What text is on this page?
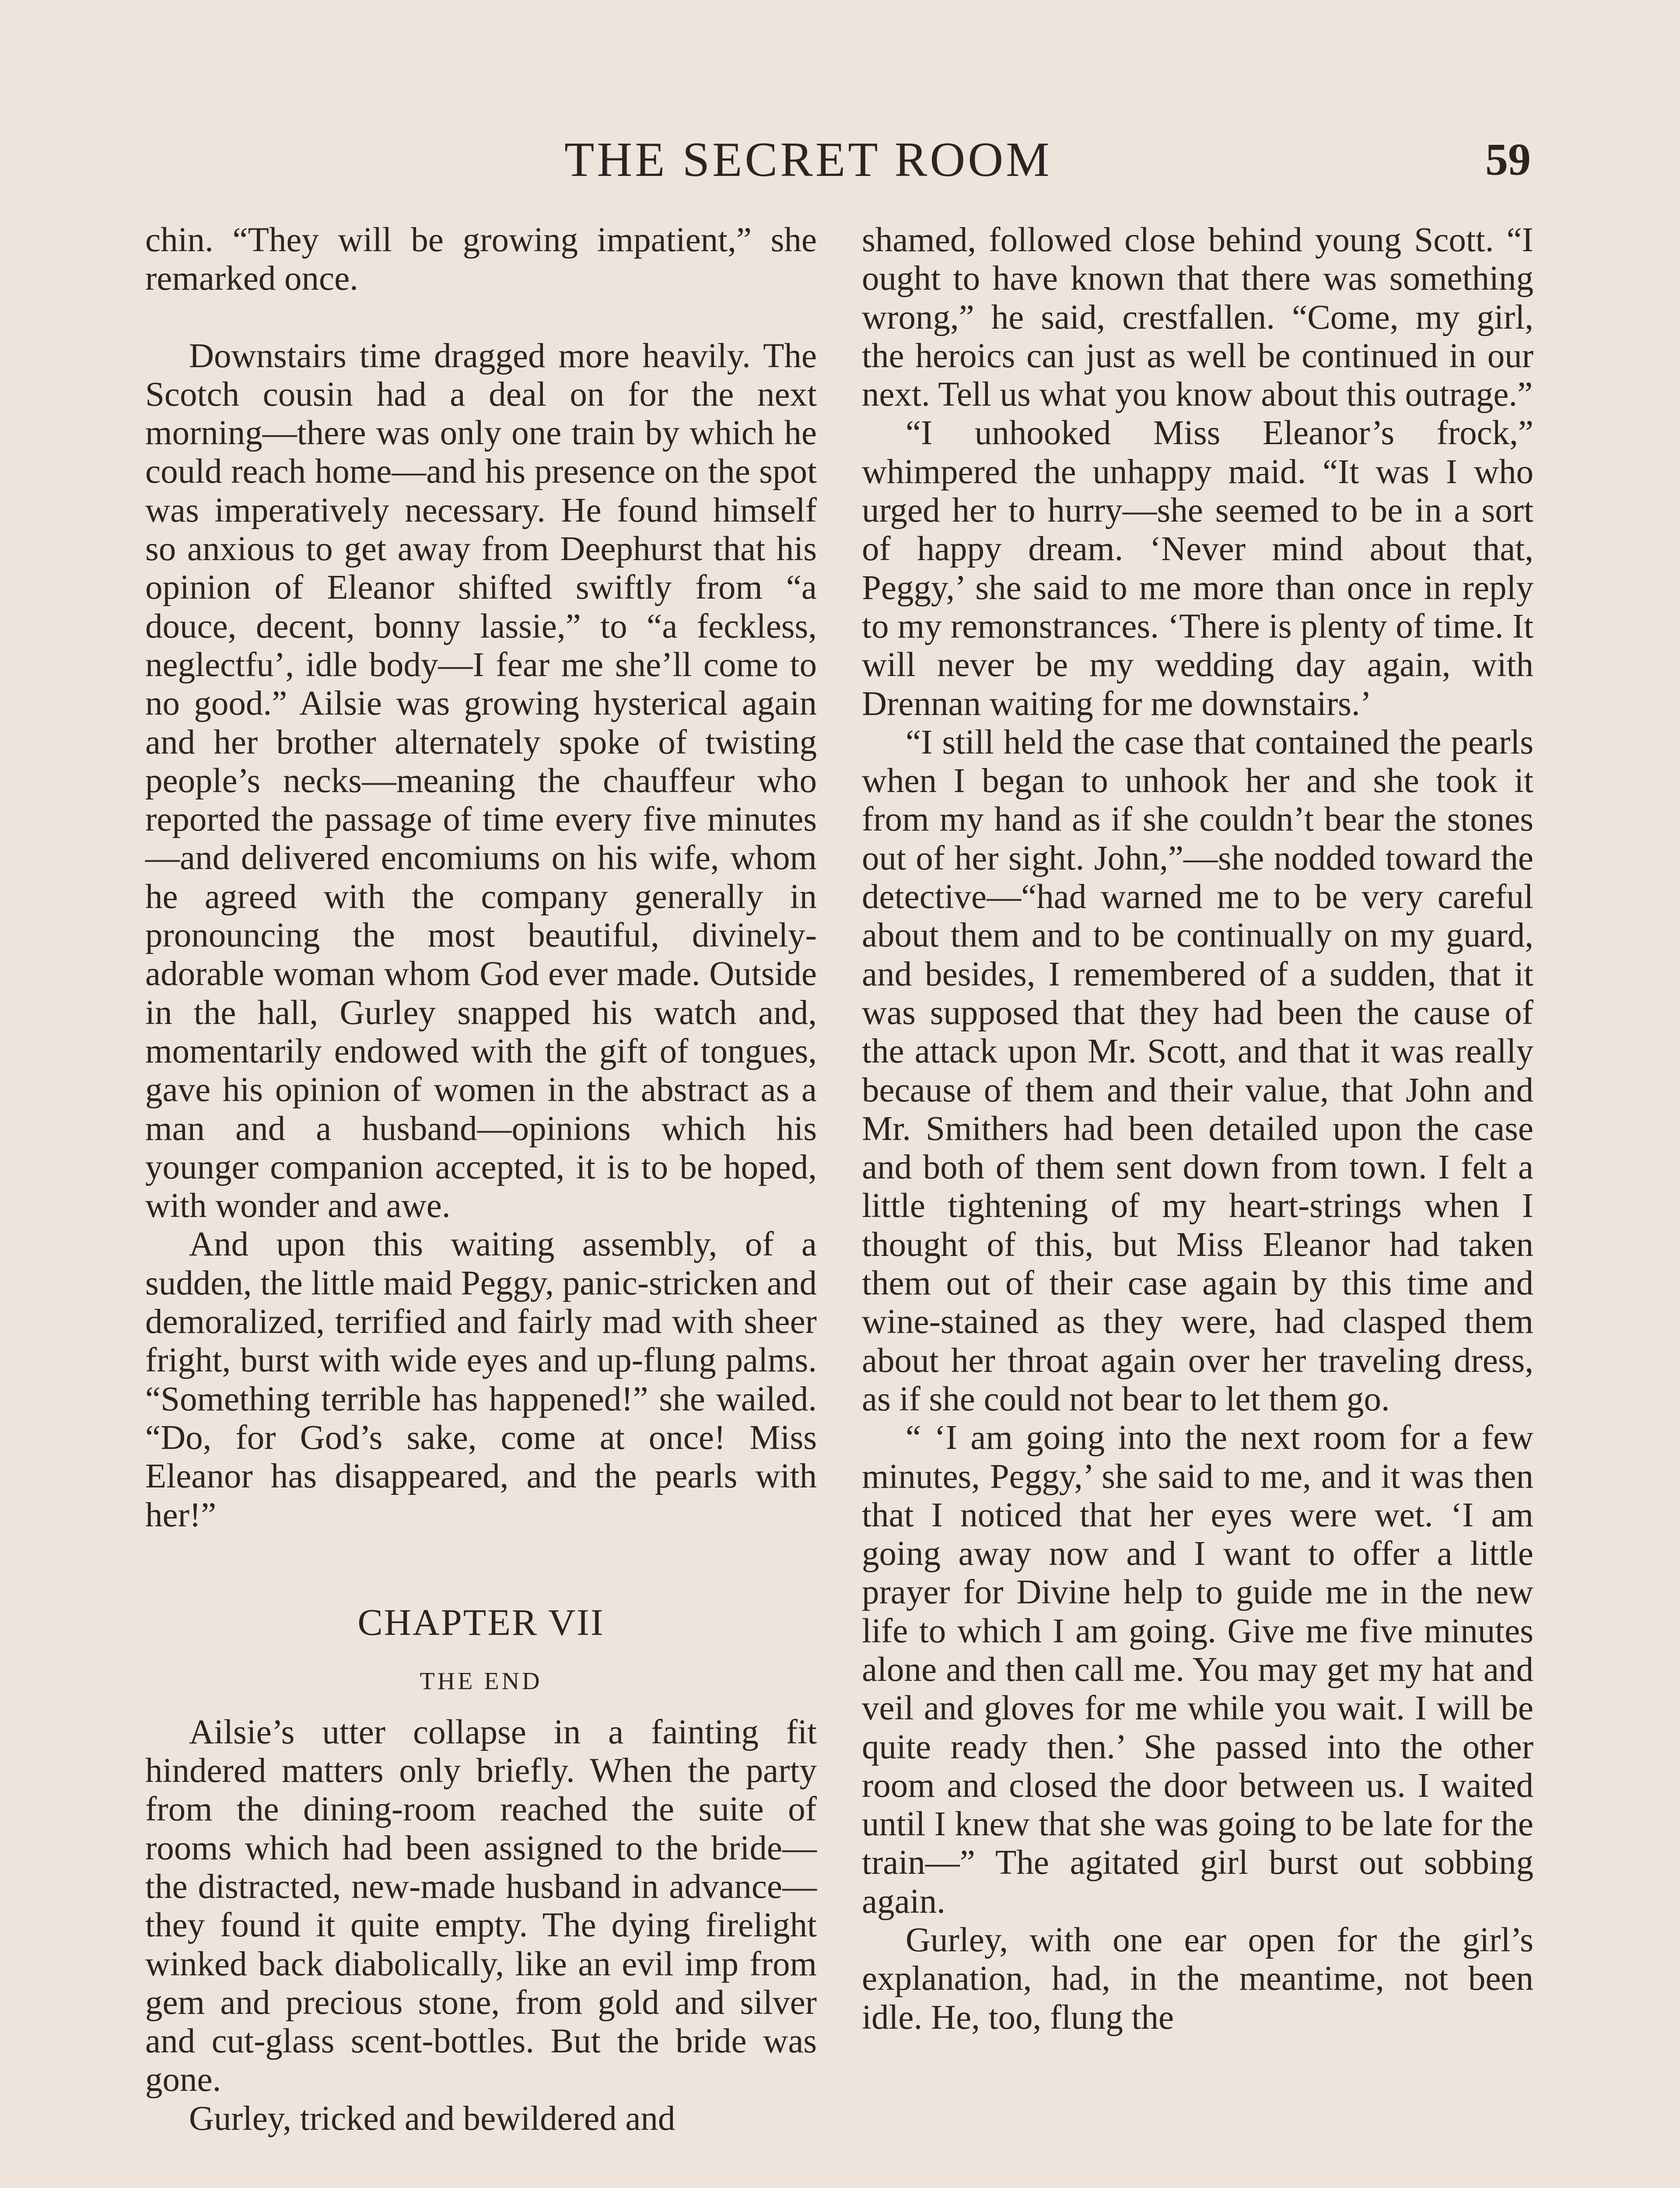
THE SECRET ROOM	59

chin. “They will be growing impatient,” she remarked once.

Downstairs time dragged more heavily. The Scotch cousin had a deal on for the next morning—there was only one train by which he could reach home—and his presence on the spot was imperatively necessary. He found himself so anxious to get away from Deephurst that his opinion of Eleanor shifted swiftly from “a douce, decent, bonny lassie,” to “a feckless, neglectfu’, idle body—I fear me she’ll come to no good.” Ailsie was growing hysterical again and her brother alternately spoke of twisting people’s necks—meaning the chauffeur who reported the passage of time every five minutes—and delivered encomiums on his wife, whom he agreed with the company generally in pronouncing the most beautiful, divinely-adorable woman whom God ever made. Outside in the hall, Gurley snapped his watch and, momentarily endowed with the gift of tongues, gave his opinion of women in the abstract as a man and a husband—opinions which his younger companion accepted, it is to be hoped, with wonder and awe.

And upon this waiting assembly, of a sudden, the little maid Peggy, panic-stricken and demoralized, terrified and fairly mad with sheer fright, burst with wide eyes and up-flung palms. “Something terrible has happened!” she wailed. “Do, for God’s sake, come at once! Miss Eleanor has disappeared, and the pearls with her!”

CHAPTER VII
THE END

Ailsie’s utter collapse in a fainting fit hindered matters only briefly. When the party from the dining-room reached the suite of rooms which had been assigned to the bride—the distracted, new-made husband in advance—they found it quite empty. The dying firelight winked back diabolically, like an evil imp from gem and precious stone, from gold and silver and cut-glass scent-bottles. But the bride was gone.

Gurley, tricked and bewildered and

shamed, followed close behind young Scott. “I ought to have known that there was something wrong,” he said, crestfallen. “Come, my girl, the heroics can just as well be continued in our next. Tell us what you know about this outrage.”

“I unhooked Miss Eleanor’s frock,” whimpered the unhappy maid. “It was I who urged her to hurry—she seemed to be in a sort of happy dream. ‘Never mind about that, Peggy,’ she said to me more than once in reply to my remonstrances. ‘There is plenty of time. It will never be my wedding day again, with Drennan waiting for me downstairs.’

“I still held the case that contained the pearls when I began to unhook her and she took it from my hand as if she couldn’t bear the stones out of her sight. John,”—she nodded toward the detective—“had warned me to be very careful about them and to be continually on my guard, and besides, I remembered of a sudden, that it was supposed that they had been the cause of the attack upon Mr. Scott, and that it was really because of them and their value, that John and Mr. Smithers had been detailed upon the case and both of them sent down from town. I felt a little tightening of my heart-strings when I thought of this, but Miss Eleanor had taken them out of their case again by this time and wine-stained as they were, had clasped them about her throat again over her traveling dress, as if she could not bear to let them go.

“ ‘I am going into the next room for a few minutes, Peggy,’ she said to me, and it was then that I noticed that her eyes were wet. ‘I am going away now and I want to offer a little prayer for Divine help to guide me in the new life to which I am going. Give me five minutes alone and then call me. You may get my hat and veil and gloves for me while you wait. I will be quite ready then.’ She passed into the other room and closed the door between us. I waited until I knew that she was going to be late for the train—” The agitated girl burst out sobbing again.

Gurley, with one ear open for the girl’s explanation, had, in the meantime, not been idle. He, too, flung the
